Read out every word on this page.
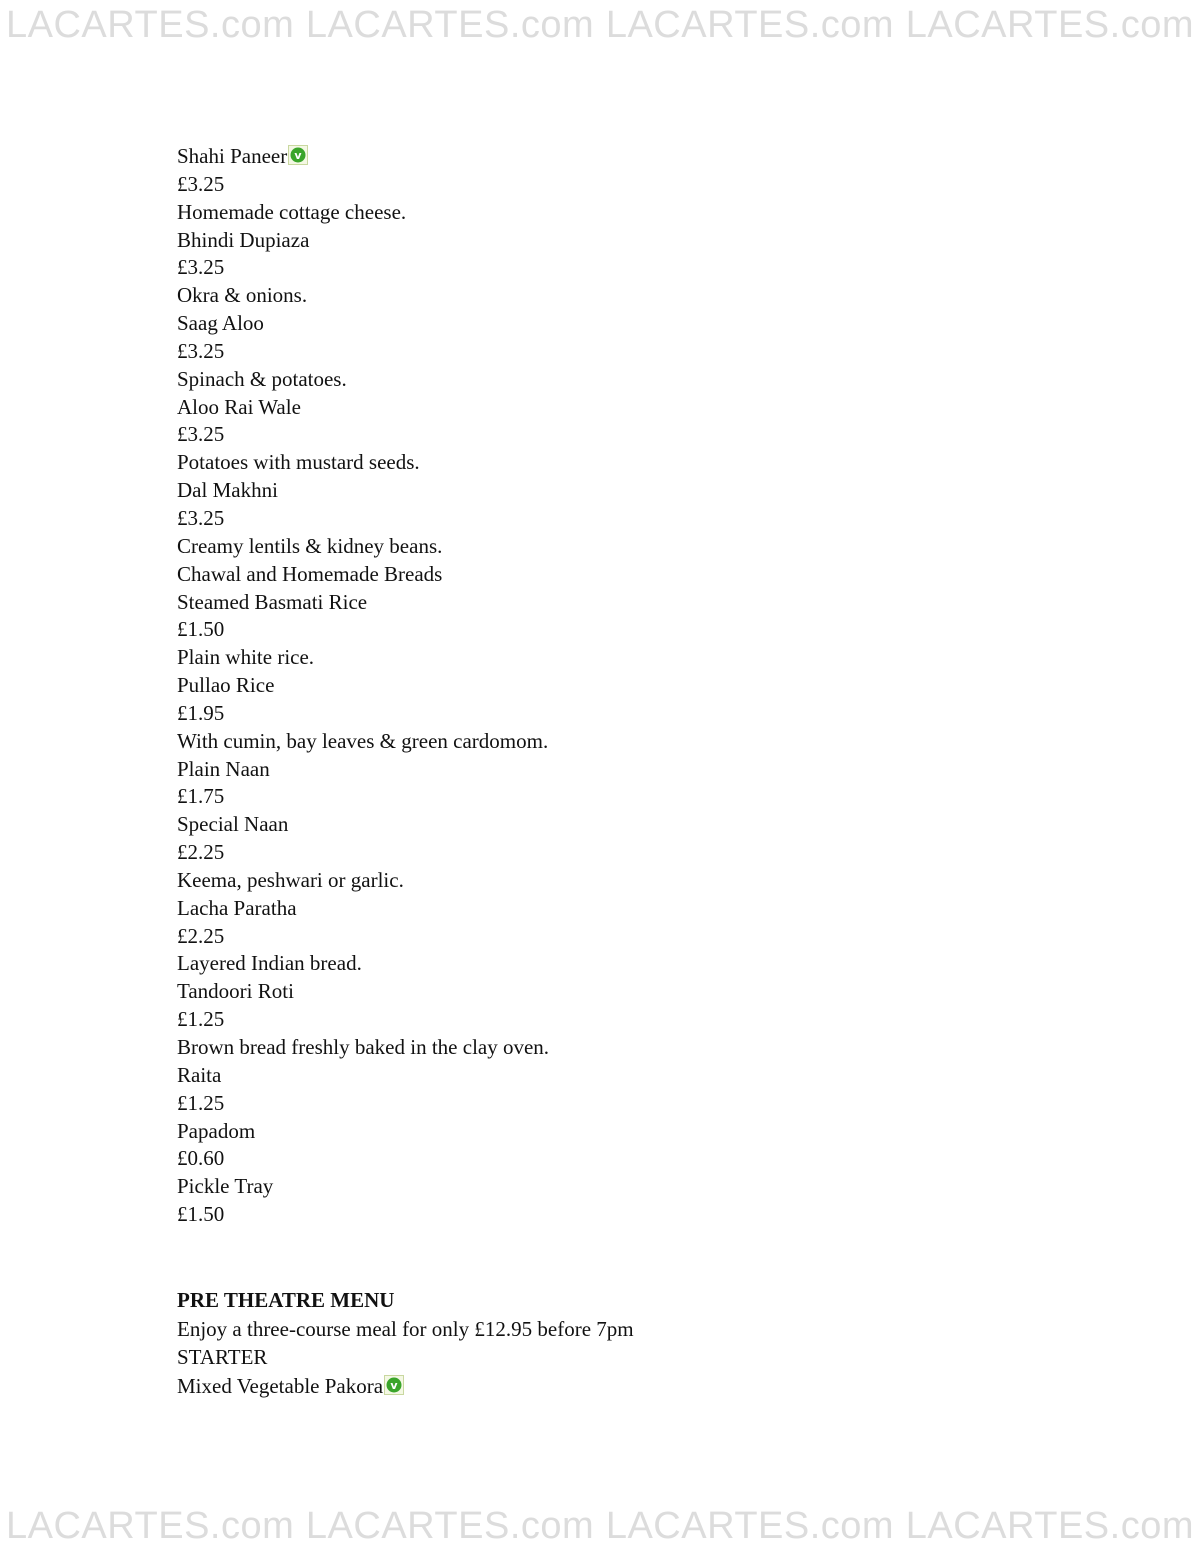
LACARTES.com LACARTES.com LACARTES.com LACARTES.com
Shahi Paneer v
£3.25
Homemade cottage cheese.
Bhindi Dupiaza
£3.25
Okra & onions.
Saag Aloo
£3.25
Spinach & potatoes.
Aloo Rai Wale
£3.25
Potatoes with mustard seeds.
Dal Makhni
£3.25
Creamy lentils & kidney beans.
Chawal and Homemade Breads
Steamed Basmati Rice
£1.50
Plain white rice.
Pullao Rice
£1.95
With cumin, bay leaves & green cardomom.
Plain Naan
£1.75
Special Naan
£2.25
Keema, peshwari or garlic.
Lacha Paratha
£2.25
Layered Indian bread.
Tandoori Roti
£1.25
Brown bread freshly baked in the clay oven.
Raita
£1.25
Papadom
£0.60
Pickle Tray
£1.50
PRE THEATRE MENU
Enjoy a three-course meal for only £12.95 before 7pm
STARTER
Mixed Vegetable Pakora v
LACARTES.com LACARTES.com LACARTES.com LACARTES.com
